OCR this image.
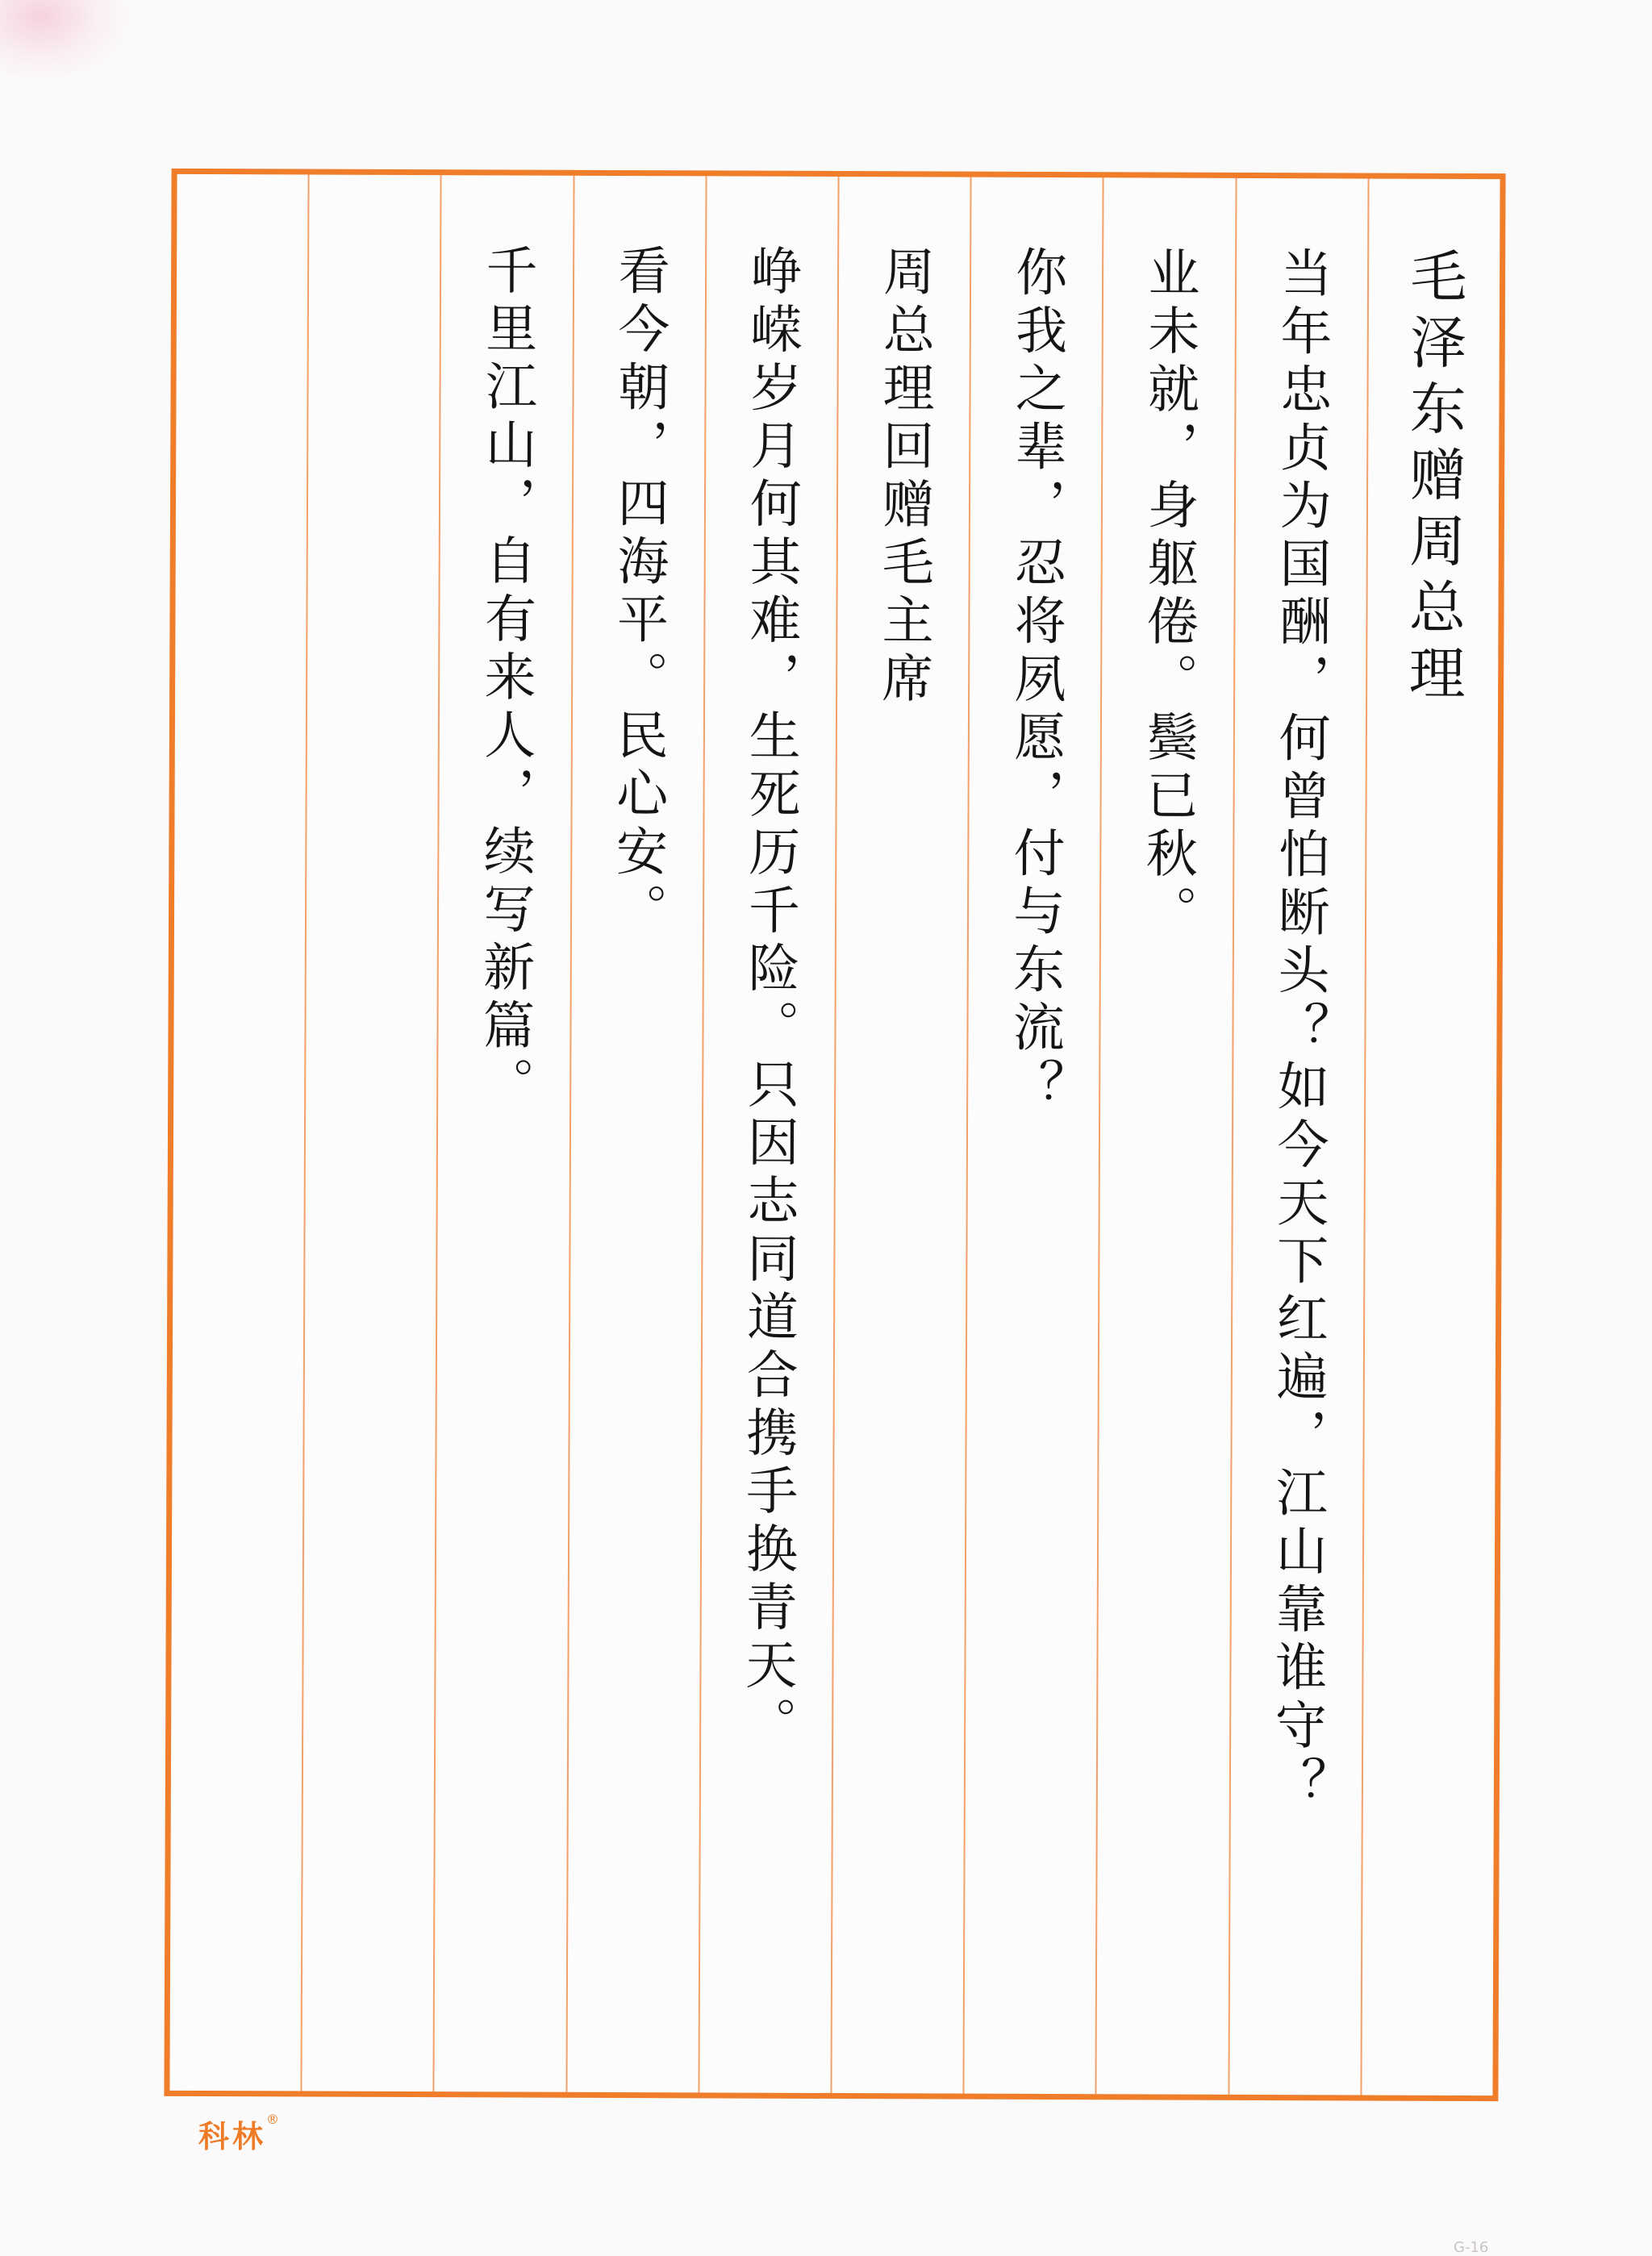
毛泽东赠周总理
当年忠贞为国酬，何曾怕断头？如今天下红遍，江山靠谁守？
业未就，身躯倦。鬓已秋。
你我之辈，忍将夙愿，付与东流？
周总理回赠毛主席
峥嵘岁月何其难，生死历千险。只因志同道合携手换青天。
看今朝，四海平。民心安。
千里江山，自有来人，续写新篇。
科林®
G-16
